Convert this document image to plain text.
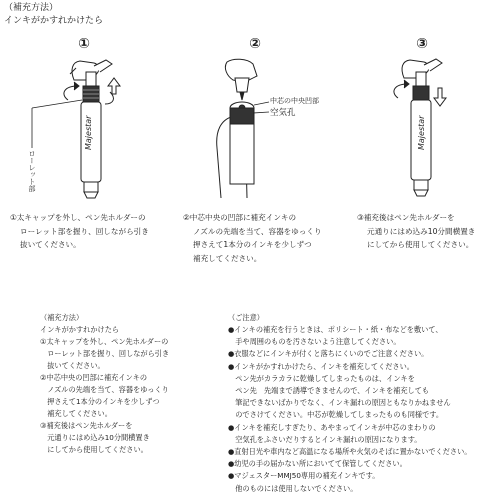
（補充方法）
インキがかすれかけたら
①	②	③
Majestar
ローレット部
中芯の中央凹部
空気孔
Majestar
①太キャップを外し、ペン先ホルダーの
ローレット部を握り、回しながら引き
抜いてください。
②中芯中央の凹部に補充インキの
ノズルの先端を当て、容器をゆっくり
押さえて1本分のインキを少しずつ
補充してください。
③補充後はペン先ホルダーを
元通りにはめ込み10分間横置き
にしてから使用してください。
（補充方法）
インキがかすれかけたら
①太キャップを外し、ペン先ホルダーの
　ローレット部を握り、回しながら引き
　抜いてください。
②中芯中央の凹部に補充インキの
　ノズルの先端を当て、容器をゆっくり
　押さえて1本分のインキを少しずつ
　補充してください。
③補充後はペン先ホルダーを
　元通りにはめ込み10分間横置き
　にしてから使用してください。
（ご注意）
●インキの補充を行うときは、ポリシート・紙・布などを敷いて、
　手や周囲のものを汚さないよう注意してください。
●衣服などにインキが付くと落ちにくいのでご注意ください。
●インキがかすれかけたら、インキを補充してください。
　ペン先がカラカラに乾燥してしまったものは、インキを
　ペン先　先端まで誘導できませんので、インキを補充しても
　筆記できないばかりでなく、インキ漏れの原因ともなりかねません
　のでさけてください。中芯が乾燥してしまったものも同様です。
●インキを補充しすぎたり、あやまってインキが中芯のまわりの
　空気孔をふさいだりするとインキ漏れの原因になります。
●直射日光や車内など高温になる場所や火気のそばに置かないでください。
●幼児の手の届かない所においてて保管してください。
●マジェスターMMJ50専用の補充インキです。
　他のものには使用しないでください。
